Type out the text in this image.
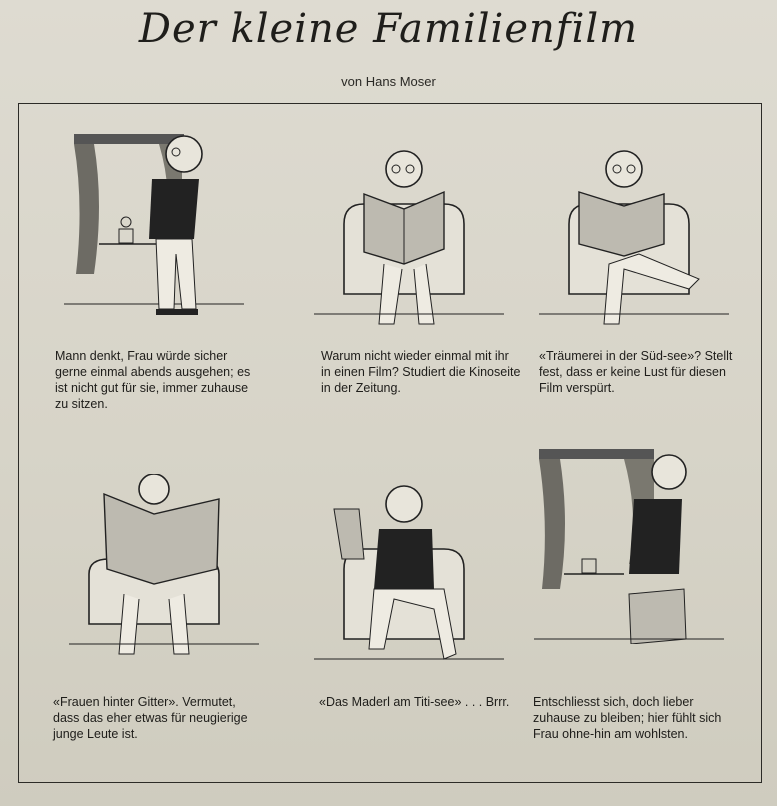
Der kleine Familienfilm
von Hans Moser
Mann denkt, Frau würde sicher gerne einmal abends ausgehen; es ist nicht gut für sie, immer zuhause zu sitzen.
Warum nicht wieder einmal mit ihr in einen Film? Studiert die Kinoseite in der Zeitung.
«Träumerei in der Süd-see»? Stellt fest, dass er keine Lust für diesen Film verspürt.
«Frauen hinter Gitter». Vermutet, dass das eher etwas für neugierige junge Leute ist.
«Das Maderl am Titi-see» . . . Brrr.	Entschliesst sich, doch lieber zuhause zu bleiben; hier fühlt sich Frau ohne-hin am wohlsten.
